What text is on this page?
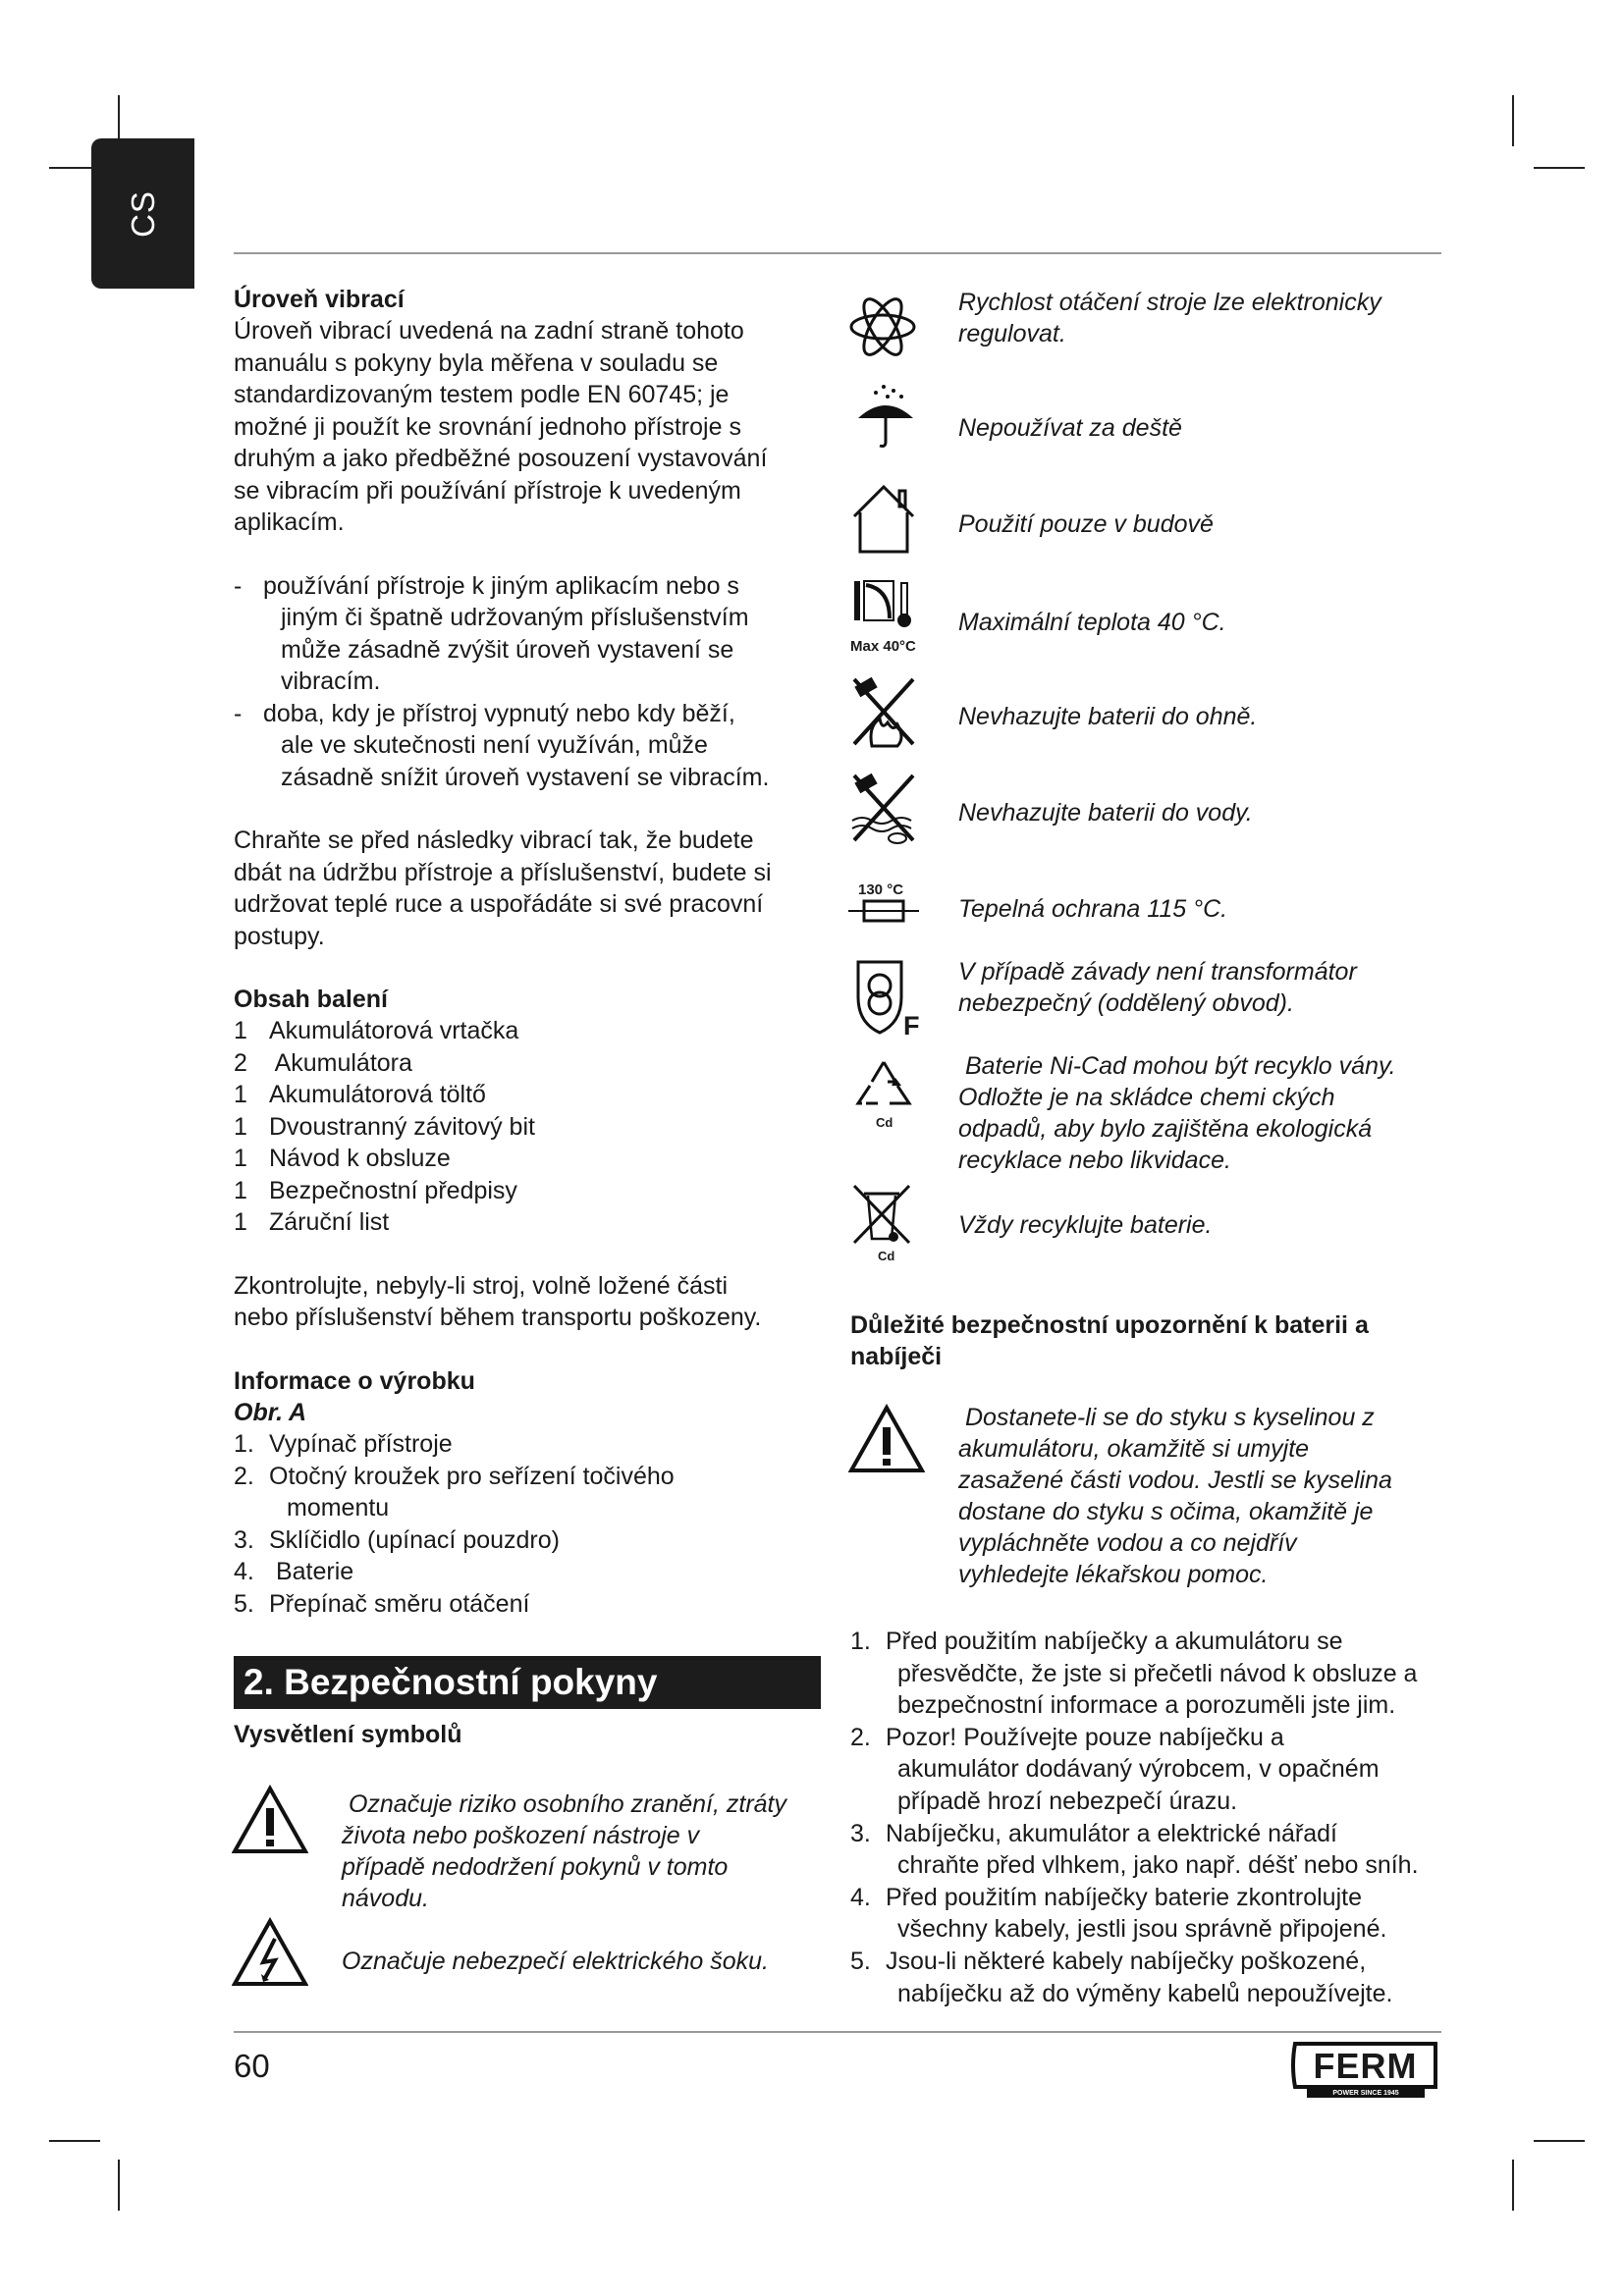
CS
Úroveň vibrací

Úroveň vibrací uvedená na zadní straně tohoto
manuálu s pokyny byla měřena v souladu se
standardizovaným testem podle EN 60745; je
možné ji použít ke srovnání jednoho přístroje s
druhým a jako předběžné posouzení vystavování
se vibracím při používání přístroje k uvedeným
aplikacím.

- používání přístroje k jiným aplikacím nebo s
jiným či špatně udržovaným příslušenstvím
může zásadně zvýšit úroveň vystavení se
vibracím.
- doba, kdy je přístroj vypnutý nebo kdy běží,
ale ve skutečnosti není využíván, může
zásadně snížit úroveň vystavení se vibracím.

Chraňte se před následky vibrací tak, že budete
dbát na údržbu přístroje a příslušenství, budete si
udržovat teplé ruce a uspořádáte si své pracovní
postupy.

Obsah balení
1 Akumulátorová vrtačka
2 Akumulátora
1 Akumulátorová töltő
1 Dvoustranný závitový bit
1 Návod k obsluze
1 Bezpečnostní předpisy
1 Záruční list

Zkontrolujte, nebyly-li stroj, volně ložené části
nebo příslušenství během transportu poškozeny.

Informace o výrobku

Obr. A

1. Vypínač přístroje
2. Otočný kroužek pro seřízení točivého
momentu
3. Sklíčidlo (upínací pouzdro)
4. Baterie
5. Přepínač směru otáčení
2. Bezpečnostní pokyny
Vysvětlení symbolů
Označuje riziko osobního zranění, ztráty
života nebo poškození nástroje v
případě nedodržení pokynů v tomto
návodu.
Označuje nebezpečí elektrického šoku.
Rychlost otáčení stroje lze elektronicky
regulovat.
Nepoužívat za deště
Použití pouze v budově
Max 40°C
Maximální teplota 40 °C.
Nevhazujte baterii do ohně.
Nevhazujte baterii do vody.
130 °C
Tepelná ochrana 115 °C.
F
V případě závady není transformátor
nebezpečný (oddělený obvod).
Cd
Baterie Ni-Cad mohou být recyklo vány.
Odložte je na skládce chemi ckých
odpadů, aby bylo zajištěna ekologická
recyklace nebo likvidace.
Cd
Vždy recyklujte baterie.
Důležité bezpečnostní upozornění k baterii a
nabíječi
Dostanete-li se do styku s kyselinou z
akumulátoru, okamžitě si umyjte
zasažené části vodou. Jestli se kyselina
dostane do styku s očima, okamžitě je
vypláchněte vodou a co nejdřív
vyhledejte lékařskou pomoc.
1. Před použitím nabíječky a akumulátoru se
přesvědčte, že jste si přečetli návod k obsluze a
bezpečnostní informace a porozuměli jste jim.
2. Pozor! Používejte pouze nabíječku a
akumulátor dodávaný výrobcem, v opačném
případě hrozí nebezpečí úrazu.
3. Nabíječku, akumulátor a elektrické nářadí
chraňte před vlhkem, jako např. déšť nebo sníh.
4. Před použitím nabíječky baterie zkontrolujte
všechny kabely, jestli jsou správně připojené.
5. Jsou-li některé kabely nabíječky poškozené,
nabíječku až do výměny kabelů nepoužívejte.
60	FERM
POWER SINCE 1945
